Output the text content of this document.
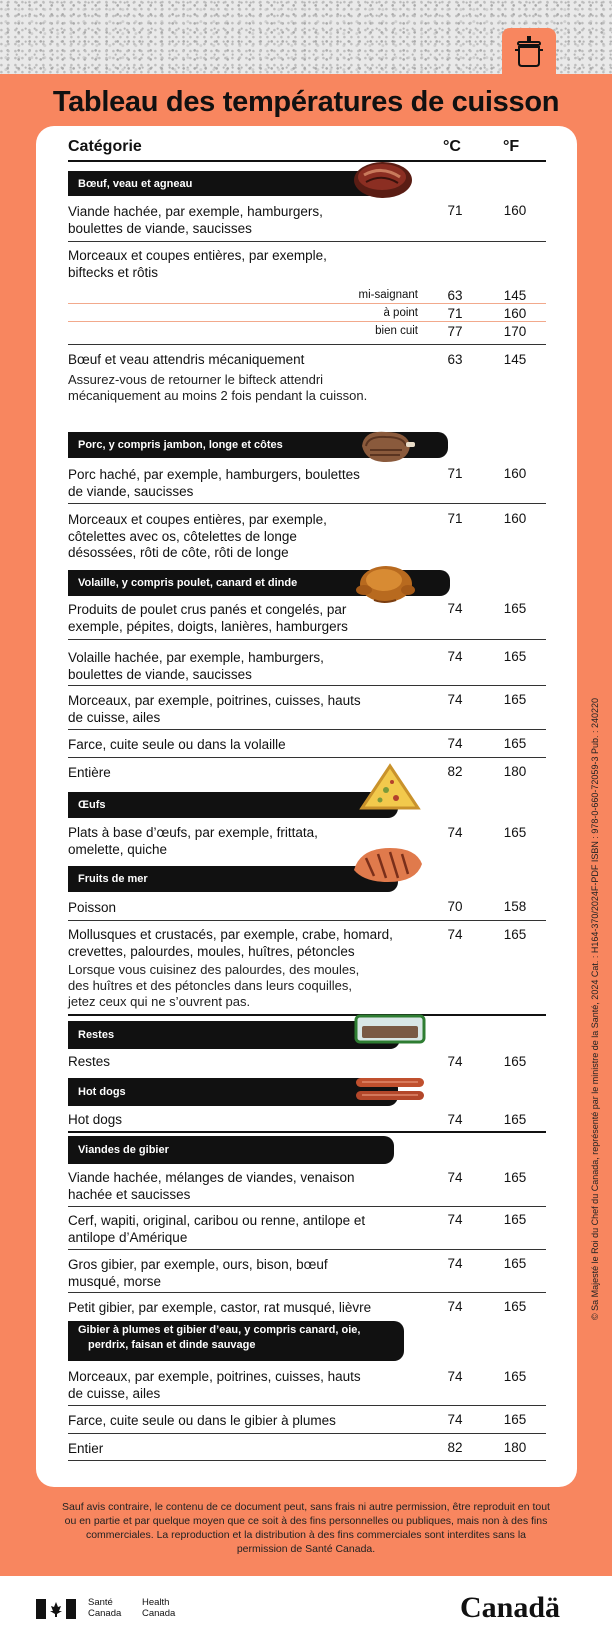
Tableau des températures de cuisson
Catégorie	°C	°F
Bœuf, veau et agneau
Viande hachée, par exemple, hamburgers, boulettes de viande, saucisses
71	160
Morceaux et coupes entières, par exemple, biftecks et rôtis
mi-saignant	63	145
à point	71	160
bien cuit	77	170
Bœuf et veau attendris mécaniquement	63	145
Assurez-vous de retourner le bifteck attendri mécaniquement au moins 2 fois pendant la cuisson.
Porc, y compris jambon, longe et côtes
Porc haché, par exemple, hamburgers, boulettes de viande, saucisses
71	160
Morceaux et coupes entières, par exemple, côtelettes avec os, côtelettes de longe désossées, rôti de côte, rôti de longe
71	160
Volaille, y compris poulet, canard et dinde
Produits de poulet crus panés et congelés, par exemple, pépites, doigts, lanières, hamburgers
74	165
Volaille hachée, par exemple, hamburgers, boulettes de viande, saucisses
74	165
Morceaux, par exemple, poitrines, cuisses, hauts de cuisse, ailes
74	165
Farce, cuite seule ou dans la volaille	74	165
Entière	82	180
Œufs
Plats à base d’œufs, par exemple, frittata, omelette, quiche
74	165
Fruits de mer
Poisson	70	158
Mollusques et crustacés, par exemple, crabe, homard, crevettes, palourdes, moules, huîtres, pétoncles
74	165
Lorsque vous cuisinez des palourdes, des moules, des huîtres et des pétoncles dans leurs coquilles, jetez ceux qui ne s’ouvrent pas.
Restes
Restes	74	165
Hot dogs
Hot dogs	74	165
Viandes de gibier
Viande hachée, mélanges de viandes, venaison hachée et saucisses
74	165
Cerf, wapiti, original, caribou ou renne, antilope et antilope d’Amérique
74	165
Gros gibier, par exemple, ours, bison, bœuf musqué, morse
74	165
Petit gibier, par exemple, castor, rat musqué, lièvre	74	165
Gibier à plumes et gibier d’eau, y compris canard, oie,
perdrix, faisan et dinde sauvage
Morceaux, par exemple, poitrines, cuisses, hauts de cuisse, ailes
74	165
Farce, cuite seule ou dans le gibier à plumes	74	165
Entier	82	180
© Sa Majesté le Roi du Chef du Canada, représenté par le ministre de la Santé, 2024 Cat. : H164-370/2024F-PDF ISBN : 978-0-660-72059-3 Pub. : 240220
Sauf avis contraire, le contenu de ce document peut, sans frais ni autre permission, être reproduit en tout ou en partie et par quelque moyen que ce soit à des fins personnelles ou publiques, mais non à des fins commerciales. La reproduction et la distribution à des fins commerciales sont interdites sans la permission de Santé Canada.
Santé
Canada
Health
Canada	Canadä
